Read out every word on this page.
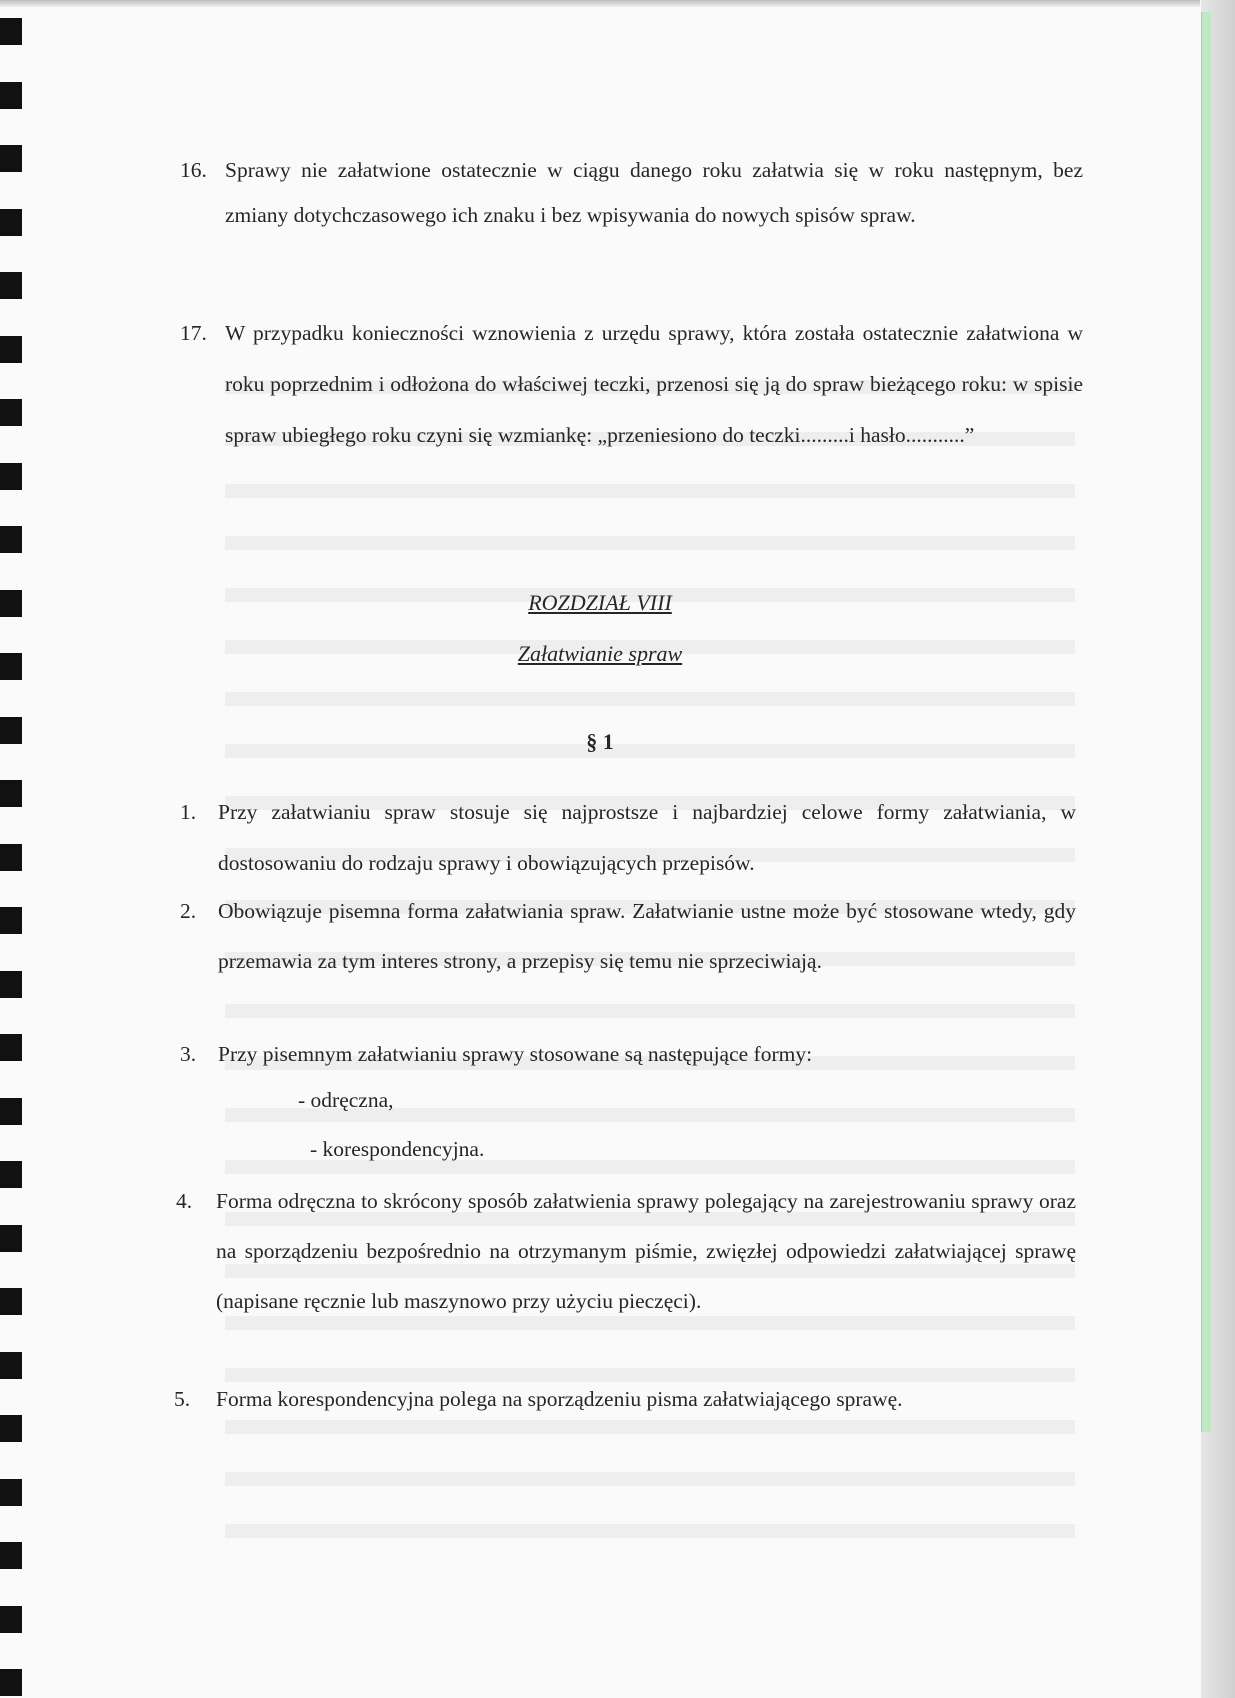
16. Sprawy nie załatwione ostatecznie w ciągu danego roku załatwia się w roku następnym, bez zmiany dotychczasowego ich znaku i bez wpisywania do nowych spisów spraw.
17. W przypadku konieczności wznowienia z urzędu sprawy, która została ostatecznie załatwiona w roku poprzednim i odłożona do właściwej teczki, przenosi się ją do spraw bieżącego roku: w spisie spraw ubiegłego roku czyni się wzmiankę: „przeniesiono do teczki.........i hasło...........”
ROZDZIAŁ VIII
Załatwianie spraw
§ 1
1.	Przy załatwianiu spraw stosuje się najprostsze i najbardziej celowe formy załatwiania, w dostosowaniu do rodzaju sprawy i obowiązujących przepisów.
2.	Obowiązuje pisemna forma załatwiania spraw. Załatwianie ustne może być stosowane wtedy, gdy przemawia za tym interes strony, a przepisy się temu nie sprzeciwiają.
3.	Przy pisemnym załatwianiu sprawy stosowane są następujące formy:
- odręczna,
- korespondencyjna.
4.	Forma odręczna to skrócony sposób załatwienia sprawy polegający na zarejestrowaniu sprawy oraz na sporządzeniu bezpośrednio na otrzymanym piśmie, zwięzłej odpowiedzi załatwiającej sprawę (napisane ręcznie lub maszynowo przy użyciu pieczęci).
5.	Forma korespondencyjna polega na sporządzeniu pisma załatwiającego sprawę.
